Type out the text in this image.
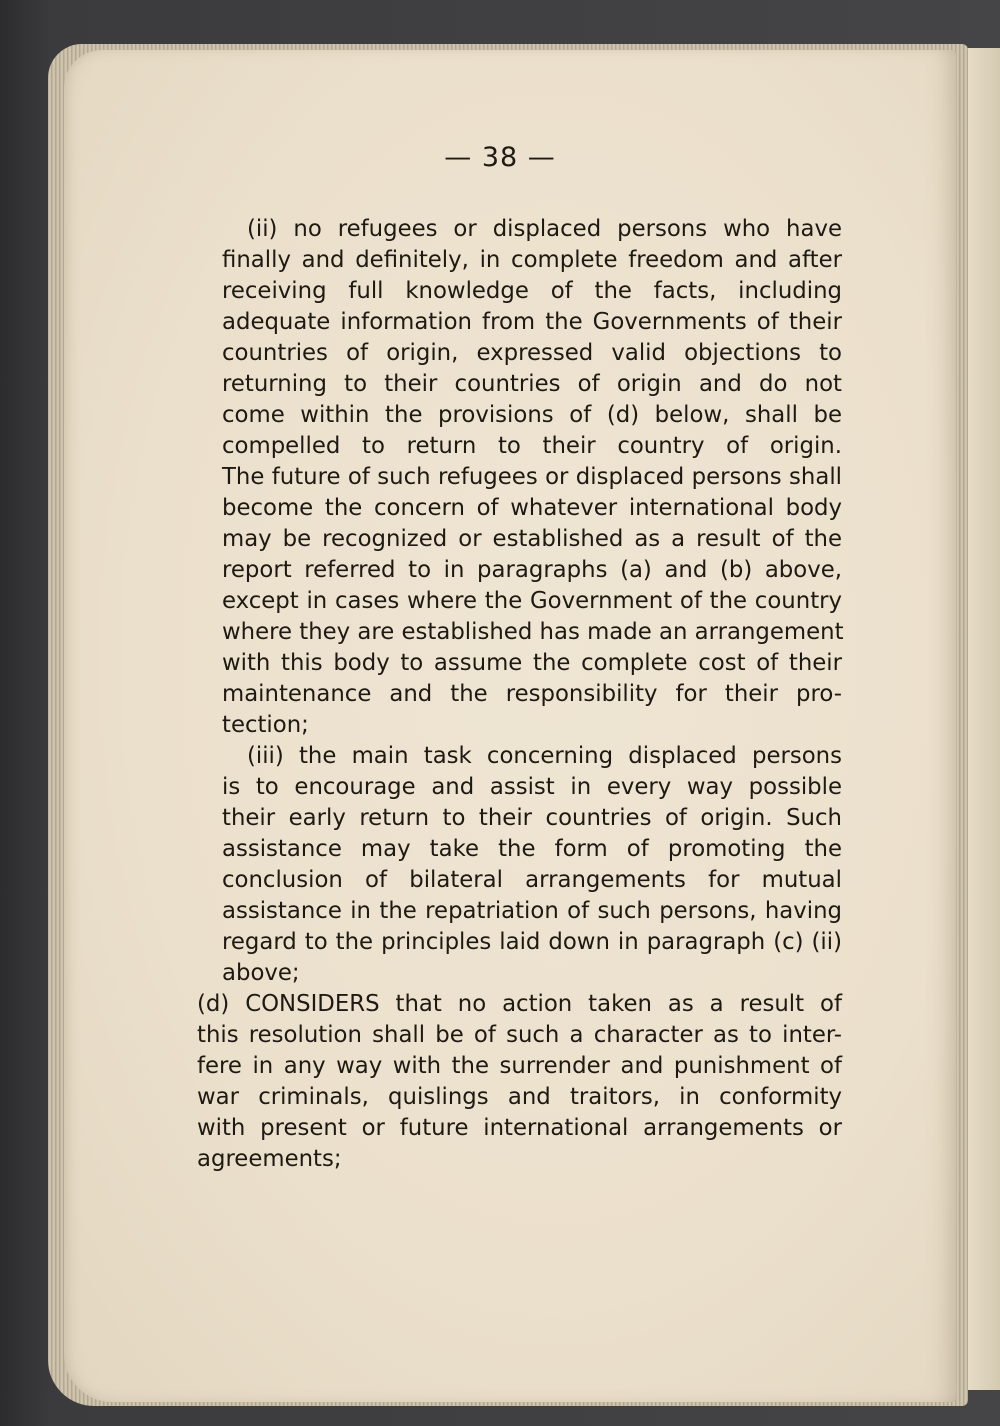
— 38 —
(ii) no refugees or displaced persons who have
finally and definitely, in complete freedom and after
receiving full knowledge of the facts, including
adequate information from the Governments of their
countries of origin, expressed valid objections to
returning to their countries of origin and do not
come within the provisions of (d) below, shall be
compelled to return to their country of origin.
The future of such refugees or displaced persons shall
become the concern of whatever international body
may be recognized or established as a result of the
report referred to in paragraphs (a) and (b) above,
except in cases where the Government of the country
where they are established has made an arrangement
with this body to assume the complete cost of their
maintenance and the responsibility for their pro-
tection;
(iii) the main task concerning displaced persons
is to encourage and assist in every way possible
their early return to their countries of origin. Such
assistance may take the form of promoting the
conclusion of bilateral arrangements for mutual
assistance in the repatriation of such persons, having
regard to the principles laid down in paragraph (c) (ii)
above;
(d) CONSIDERS that no action taken as a result of
this resolution shall be of such a character as to inter-
fere in any way with the surrender and punishment of
war criminals, quislings and traitors, in conformity
with present or future international arrangements or
agreements;
